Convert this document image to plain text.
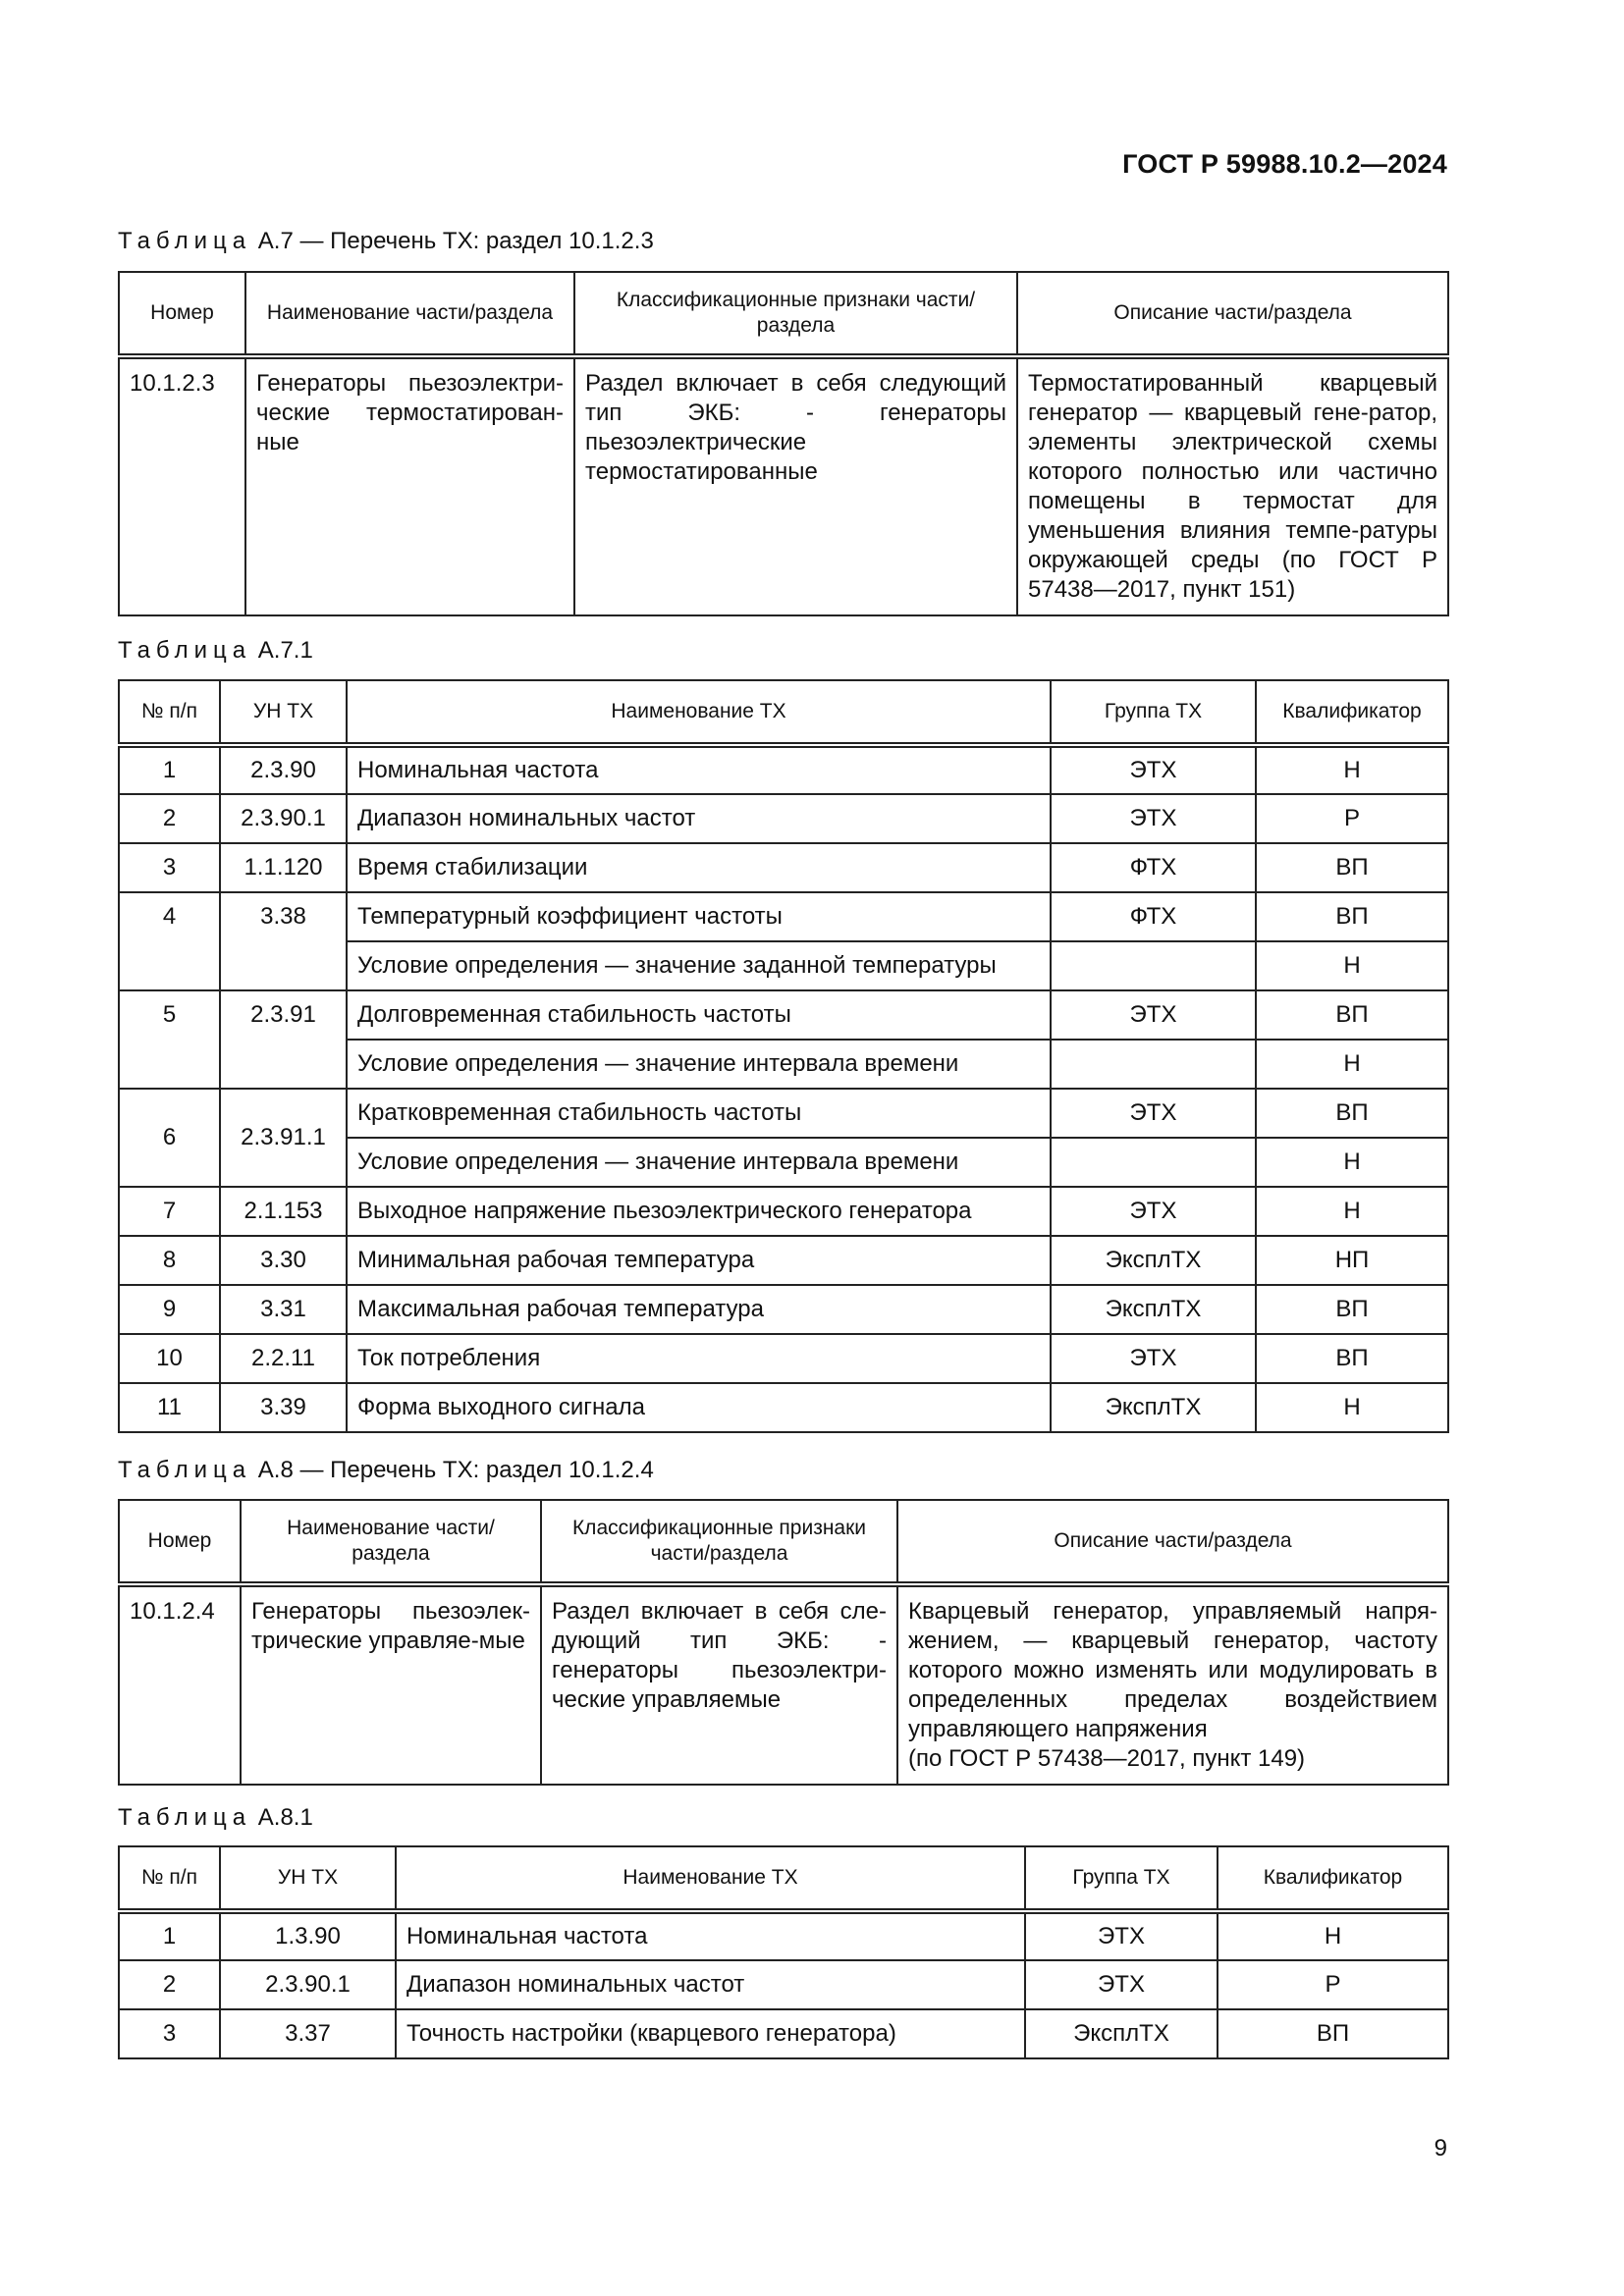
ГОСТ Р 59988.10.2—2024
Таблица А.7 — Перечень ТХ: раздел 10.1.2.3
Номер	Наименование части/раздела	Классификационные признаки части/ раздела	Описание части/раздела
10.1.2.3	Генераторы пьезоэлектри-ческие термостатирован-ные	Раздел включает в себя следующий тип ЭКБ: - генераторы пьезоэлектрические термостатированные	Термостатированный кварцевый генератор — кварцевый гене-ратор, элементы электрической схемы которого полностью или частично помещены в термостат для уменьшения влияния темпе-ратуры окружающей среды (по ГОСТ Р 57438—2017, пункт 151)
Таблица А.7.1
№ п/п	УН ТХ	Наименование ТХ	Группа ТХ	Квалификатор
1	2.3.90	Номинальная частота	ЭТХ	Н
2	2.3.90.1	Диапазон номинальных частот	ЭТХ	Р
3	1.1.120	Время стабилизации	ФТХ	ВП
4	3.38	Температурный коэффициент частоты	ФТХ	ВП
		Условие определения — значение заданной температуры		Н
5	2.3.91	Долговременная стабильность частоты	ЭТХ	ВП
		Условие определения — значение интервала времени		Н
6	2.3.91.1	Кратковременная стабильность частоты	ЭТХ	ВП
		Условие определения — значение интервала времени		Н
7	2.1.153	Выходное напряжение пьезоэлектрического генератора	ЭТХ	Н
8	3.30	Минимальная рабочая температура	ЭксплТХ	НП
9	3.31	Максимальная рабочая температура	ЭксплТХ	ВП
10	2.2.11	Ток потребления	ЭТХ	ВП
11	3.39	Форма выходного сигнала	ЭксплТХ	Н
Таблица А.8 — Перечень ТХ: раздел 10.1.2.4
Номер	Наименование части/ раздела	Классификационные признаки части/раздела	Описание части/раздела
10.1.2.4	Генераторы пьезоэлек-трические управляе-мые	Раздел включает в себя сле-дующий тип ЭКБ: - генераторы пьезоэлектри-ческие управляемые	Кварцевый генератор, управляемый напря-жением, — кварцевый генератор, частоту которого можно изменять или модулировать в определенных пределах воздействием управляющего напряжения
(по ГОСТ Р 57438—2017, пункт 149)
Таблица А.8.1
№ п/п	УН ТХ	Наименование ТХ	Группа ТХ	Квалификатор
1	1.3.90	Номинальная частота	ЭТХ	Н
2	2.3.90.1	Диапазон номинальных частот	ЭТХ	Р
3	3.37	Точность настройки (кварцевого генератора)	ЭксплТХ	ВП
9
